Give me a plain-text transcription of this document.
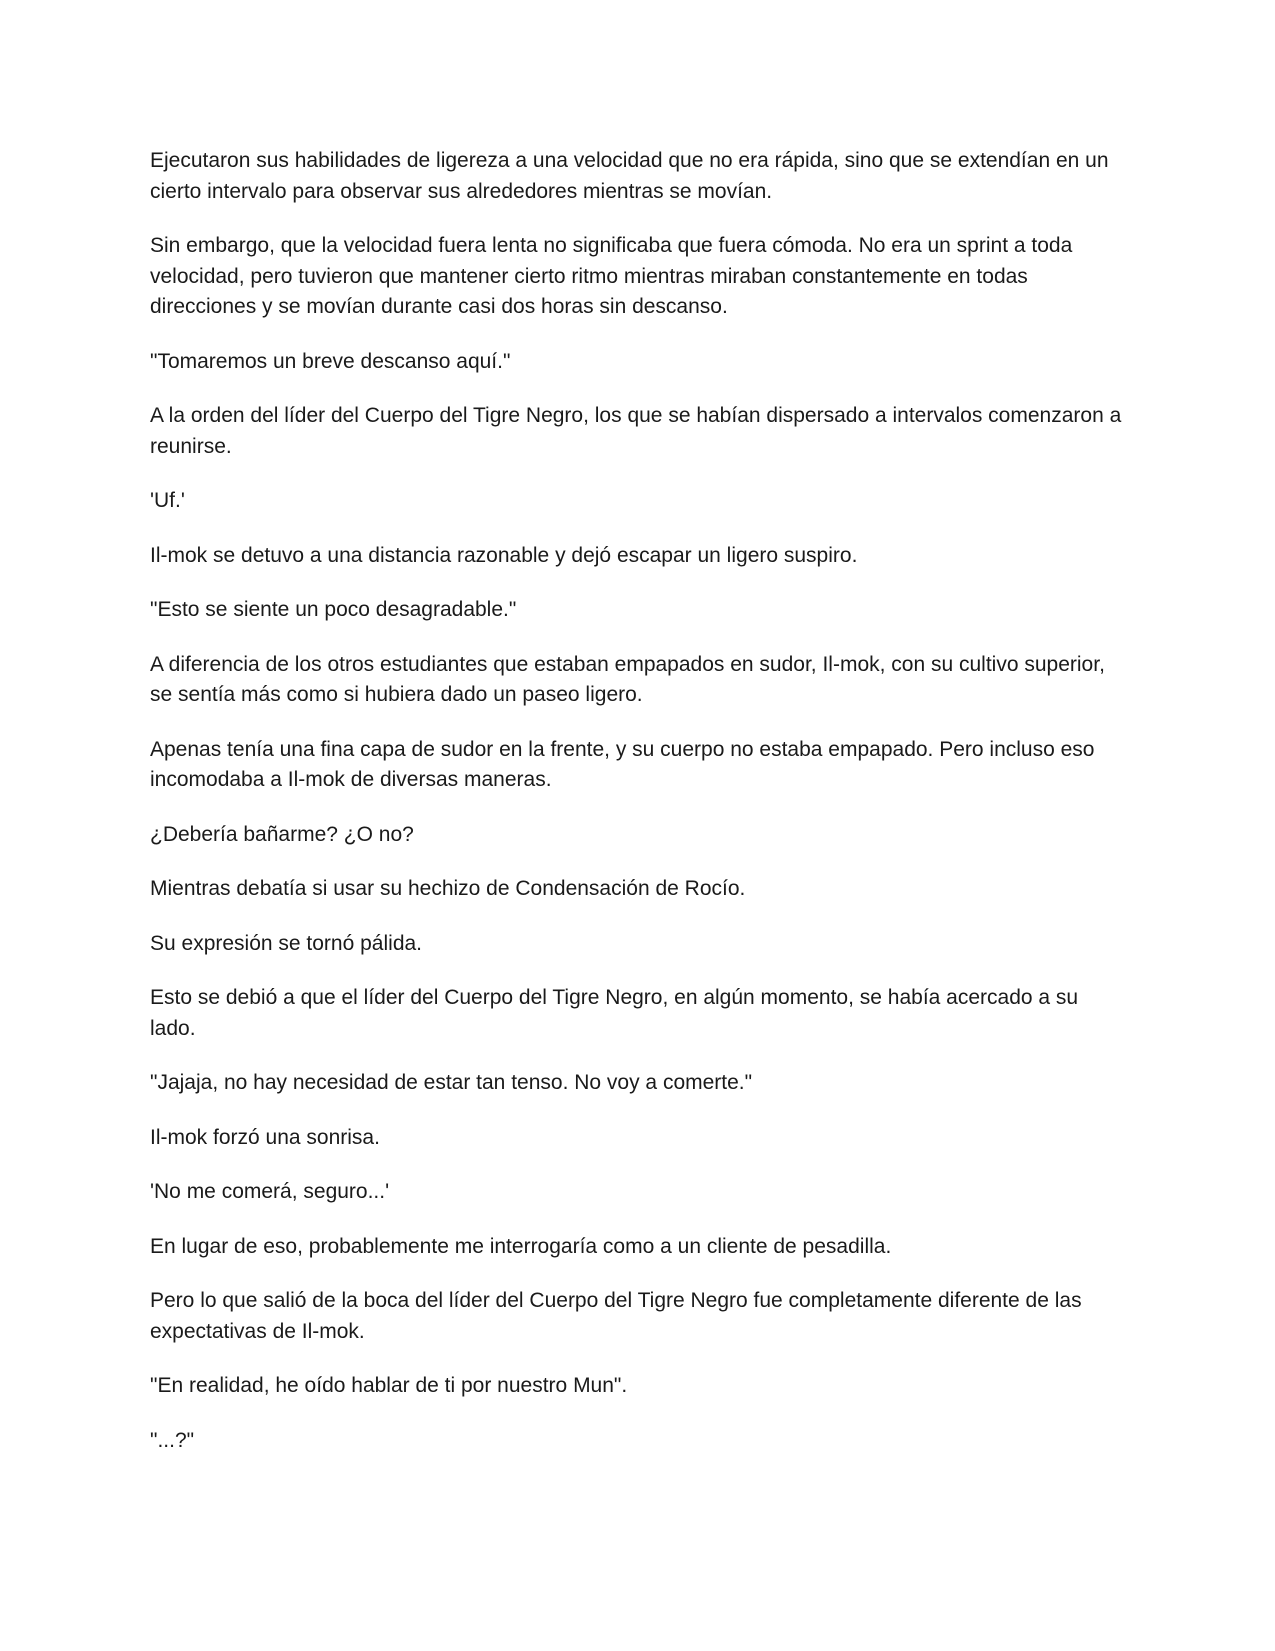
Ejecutaron sus habilidades de ligereza a una velocidad que no era rápida, sino que se extendían en un cierto intervalo para observar sus alrededores mientras se movían.

Sin embargo, que la velocidad fuera lenta no significaba que fuera cómoda. No era un sprint a toda velocidad, pero tuvieron que mantener cierto ritmo mientras miraban constantemente en todas direcciones y se movían durante casi dos horas sin descanso.

"Tomaremos un breve descanso aquí."

A la orden del líder del Cuerpo del Tigre Negro, los que se habían dispersado a intervalos comenzaron a reunirse.

'Uf.'

Il-mok se detuvo a una distancia razonable y dejó escapar un ligero suspiro.

"Esto se siente un poco desagradable."

A diferencia de los otros estudiantes que estaban empapados en sudor, Il-mok, con su cultivo superior, se sentía más como si hubiera dado un paseo ligero.

Apenas tenía una fina capa de sudor en la frente, y su cuerpo no estaba empapado. Pero incluso eso incomodaba a Il-mok de diversas maneras.

¿Debería bañarme? ¿O no?

Mientras debatía si usar su hechizo de Condensación de Rocío.

Su expresión se tornó pálida.

Esto se debió a que el líder del Cuerpo del Tigre Negro, en algún momento, se había acercado a su lado.

"Jajaja, no hay necesidad de estar tan tenso. No voy a comerte."

Il-mok forzó una sonrisa.

'No me comerá, seguro...'

En lugar de eso, probablemente me interrogaría como a un cliente de pesadilla.

Pero lo que salió de la boca del líder del Cuerpo del Tigre Negro fue completamente diferente de las expectativas de Il-mok.

"En realidad, he oído hablar de ti por nuestro Mun".

"...?"
